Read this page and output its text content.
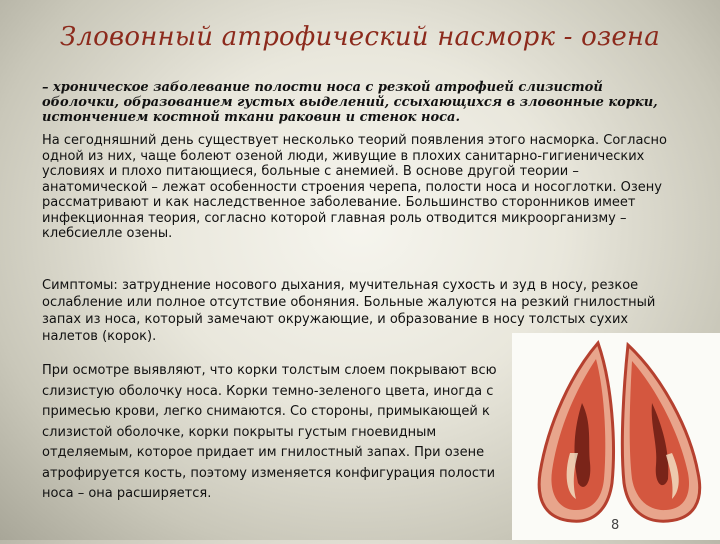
Зловонный атрофический насморк - озена

– хроническое заболевание полости носа с резкой атрофией слизистой оболочки, образованием густых выделений, ссыхающихся в зловонные корки, истончением костной ткани раковин и стенок носа.

На сегодняшний день существует несколько теорий появления этого насморка. Согласно одной из них, чаще болеют озеной люди, живущие в плохих санитарно-гигиенических условиях и плохо питающиеся, больные с анемией. В основе другой теории – анатомической – лежат особенности строения черепа, полости носа и носоглотки. Озену рассматривают и как наследственное заболевание. Большинство сторонников имеет инфекционная теория, согласно которой главная роль отводится микроорганизму – клебсиелле озены.

Симптомы: затруднение носового дыхания, мучительная сухость и зуд в носу, резкое ослабление или полное отсутствие обоняния. Больные жалуются на резкий гнилостный запах из носа, который замечают окружающие, и образование в носу толстых сухих налетов (корок).

При осмотре выявляют, что корки толстым слоем покрывают всю слизистую оболочку носа. Корки темно-зеленого цвета, иногда с примесью крови, легко снимаются. Со стороны, примыкающей к слизистой оболочке, корки покрыты густым гноевидным отделяемым, которое придает им гнилостный запах. При озене атрофируется кость, поэтому изменяется конфигурация полости носа – она расширяется.

8
